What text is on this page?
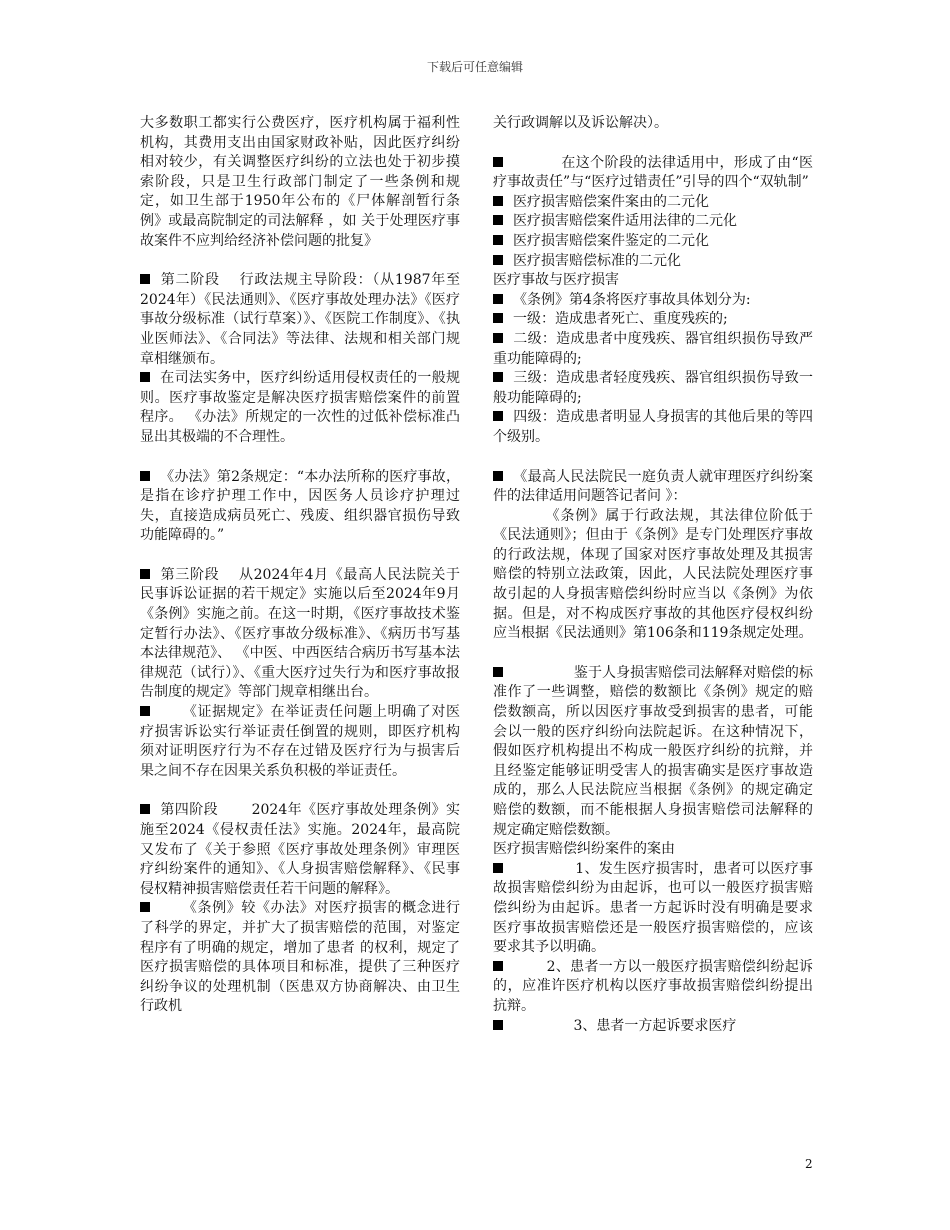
下载后可任意编辑

大多数职工都实行公费医疗，医疗机构属于福利性机构，其费用支出由国家财政补贴，因此医疗纠纷相对较少，有关调整医疗纠纷的立法也处于初步摸索阶段，只是卫生行政部门制定了一些条例和规定，如卫生部于1950年公布的《尸体解剖暂行条例》或最高院制定的司法解释 ，如 关于处理医疗事故案件不应判给经济补偿问题的批复》

第二阶段　 行政法规主导阶段：（从1987年至2024年）《民法通则》、《医疗事故处理办法》《医疗事故分级标准（试行草案）》、《医院工作制度》、《执业医师法》、《合同法》等法律、法规和相关部门规章相继颁布。

在司法实务中，医疗纠纷适用侵权责任的一般规则。医疗事故鉴定是解决医疗损害赔偿案件的前置程序。 《办法》所规定的一次性的过低补偿标准凸显出其极端的不合理性。

《办法》第2条规定：“本办法所称的医疗事故，是指在诊疗护理工作中，因医务人员诊疗护理过失，直接造成病员死亡、残废、组织器官损伤导致功能障碍的。”

第三阶段　 从2024年4月《最高人民法院关于民事诉讼证据的若干规定》实施以后至2024年9月《条例》实施之前。在这一时期，《医疗事故技术鉴定暂行办法》、《医疗事故分级标准》、《病历书写基本法律规范》、 《中医、中西医结合病历书写基本法律规范（试行）》、《重大医疗过失行为和医疗事故报告制度的规定》等部门规章相继出台。

　　《证据规定》在举证责任问题上明确了对医疗损害诉讼实行举证责任倒置的规则，即医疗机构须对证明医疗行为不存在过错及医疗行为与损害后果之间不存在因果关系负积极的举证责任。

第四阶段　　 2024年《医疗事故处理条例》实施至2024《侵权责任法》实施。2024年，最高院又发布了《关于参照《医疗事故处理条例》审理医疗纠纷案件的通知》、《人身损害赔偿解释》、《民事侵权精神损害赔偿责任若干问题的解释》。

　　《条例》较《办法》对医疗损害的概念进行了科学的界定，并扩大了损害赔偿的范围，对鉴定程序有了明确的规定，增加了患者 的权利，规定了医疗损害赔偿的具体项目和标准，提供了三种医疗纠纷争议的处理机制（医患双方协商解决、由卫生行政机

关行政调解以及诉讼解决）。

　　　 在这个阶段的法律适用中，形成了由“医疗事故责任”与“医疗过错责任”引导的四个“双轨制”

医疗损害赔偿案件案由的二元化

医疗损害赔偿案件适用法律的二元化

医疗损害赔偿案件鉴定的二元化

医疗损害赔偿标准的二元化

医疗事故与医疗损害

《条例》第4条将医疗事故具体划分为:

一级：造成患者死亡、重度残疾的;

二级：造成患者中度残疾、器官组织损伤导致严重功能障碍的;

三级：造成患者轻度残疾、器官组织损伤导致一般功能障碍的;

四级：造成患者明显人身损害的其他后果的等四个级别。

《最高人民法院民一庭负责人就审理医疗纠纷案件的法律适用问题答记者问 》：

　　　　《条例》属于行政法规，其法律位阶低于《民法通则》；但由于《条例》是专门处理医疗事故的行政法规，体现了国家对医疗事故处理及其损害赔偿的特别立法政策，因此，人民法院处理医疗事故引起的人身损害赔偿纠纷时应当以《条例》为依据。但是，对不构成医疗事故的其他医疗侵权纠纷应当根据《民法通则》第106条和119条规定处理。

　　　　 鉴于人身损害赔偿司法解释对赔偿的标准作了一些调整，赔偿的数额比《条例》规定的赔偿数额高，所以因医疗事故受到损害的患者，可能会以一般的医疗纠纷向法院起诉。在这种情况下，假如医疗机构提出不构成一般医疗纠纷的抗辩，并且经鉴定能够证明受害人的损害确实是医疗事故造成的，那么人民法院应当根据《条例》的规定确定赔偿的数额，而不能根据人身损害赔偿司法解释的规定确定赔偿数额。

医疗损害赔偿纠纷案件的案由

　　　　 1、发生医疗损害时，患者可以医疗事故损害赔偿纠纷为由起诉，也可以一般医疗损害赔偿纠纷为由起诉。患者一方起诉时没有明确是要求医疗事故损害赔偿还是一般医疗损害赔偿的，应该要求其予以明确。

　　 2、患者一方以一般医疗损害赔偿纠纷起诉的，应准许医疗机构以医疗事故损害赔偿纠纷提出抗辩。

　　　　 3、患者一方起诉要求医疗

2
